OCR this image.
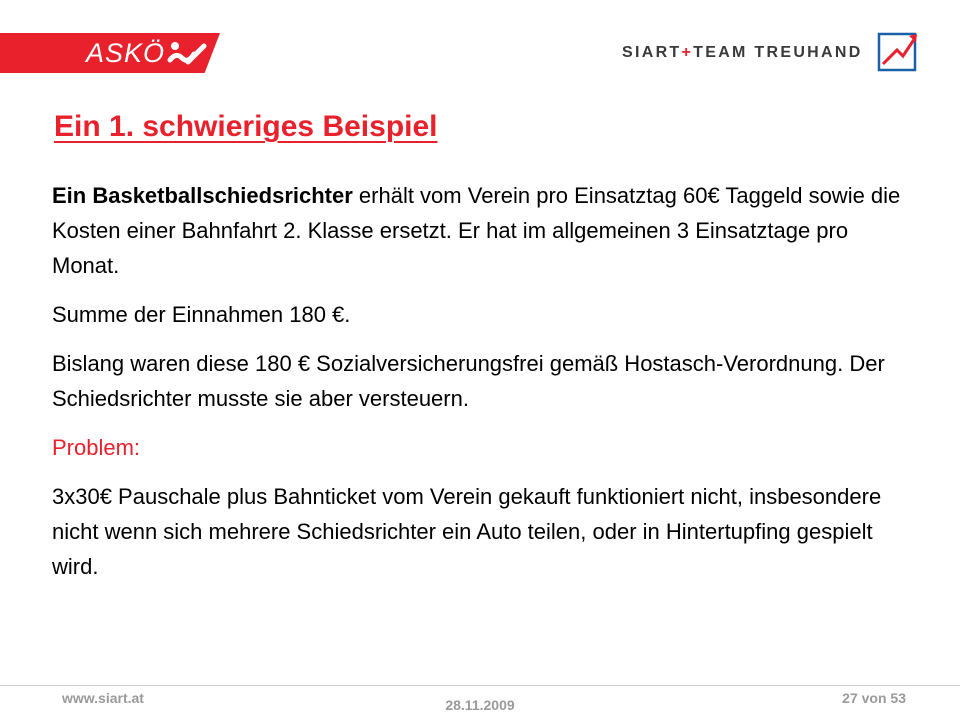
ASKÖ	SIART+TEAM TREUHAND
Ein 1. schwieriges Beispiel

Ein Basketballschiedsrichter erhält vom Verein pro Einsatztag 60€ Taggeld sowie die Kosten einer Bahnfahrt 2. Klasse ersetzt. Er hat im allgemeinen 3 Einsatztage pro Monat.

Summe der Einnahmen 180 €.

Bislang waren diese 180 € Sozialversicherungsfrei gemäß Hostasch-Verordnung. Der Schiedsrichter musste sie aber versteuern.

Problem:

3x30€ Pauschale plus Bahnticket vom Verein gekauft funktioniert nicht, insbesondere nicht wenn sich mehrere Schiedsrichter ein Auto teilen, oder in Hintertupfing gespielt wird.

www.siart.at	28.11.2009	27 von 53
